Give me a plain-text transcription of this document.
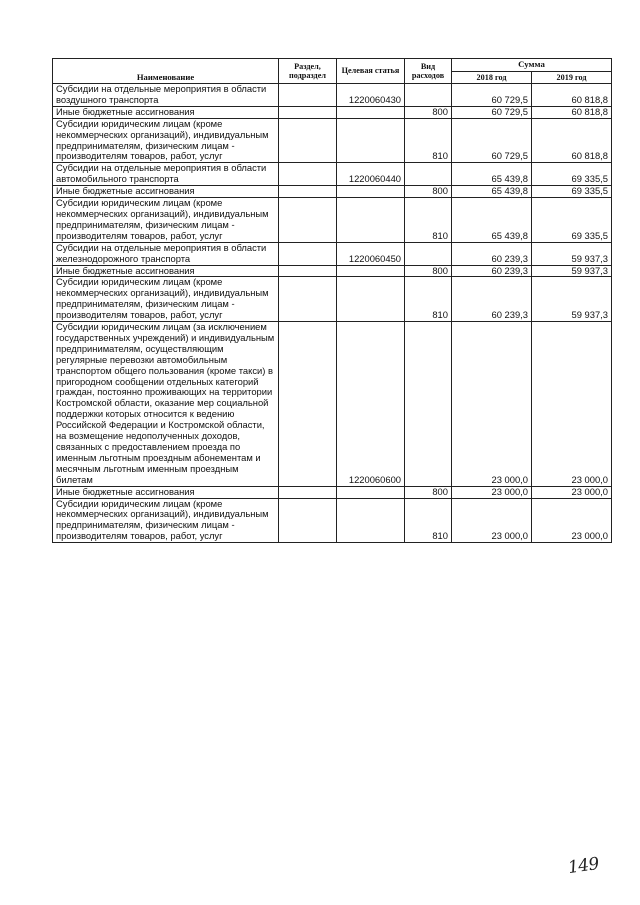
Наименование	Раздел, подраздел	Целевая статья	Вид расходов	Сумма	
				2018 год	2019 год
Субсидии на отдельные мероприятия в области воздушного транспорта		1220060430		60 729,5	60 818,8
Иные бюджетные ассигнования			800	60 729,5	60 818,8
Субсидии юридическим лицам (кроме некоммерческих организаций), индивидуальным предпринимателям, физическим лицам - производителям товаров, работ, услуг			810	60 729,5	60 818,8
Субсидии на отдельные мероприятия в области автомобильного транспорта		1220060440		65 439,8	69 335,5
Иные бюджетные ассигнования			800	65 439,8	69 335,5
Субсидии юридическим лицам (кроме некоммерческих организаций), индивидуальным предпринимателям, физическим лицам - производителям товаров, работ, услуг			810	65 439,8	69 335,5
Субсидии на отдельные мероприятия в области железнодорожного транспорта		1220060450		60 239,3	59 937,3
Иные бюджетные ассигнования			800	60 239,3	59 937,3
Субсидии юридическим лицам (кроме некоммерческих организаций), индивидуальным предпринимателям, физическим лицам - производителям товаров, работ, услуг			810	60 239,3	59 937,3
Субсидии юридическим лицам (за исключением государственных учреждений) и индивидуальным предпринимателям, осуществляющим регулярные перевозки автомобильным транспортом общего пользования (кроме такси) в пригородном сообщении отдельных категорий граждан, постоянно проживающих на территории Костромской области, оказание мер социальной поддержки которых относится к ведению Российской Федерации и Костромской области, на возмещение недополученных доходов, связанных с предоставлением проезда по именным льготным проездным абонементам и месячным льготным именным проездным билетам		1220060600		23 000,0	23 000,0
Иные бюджетные ассигнования			800	23 000,0	23 000,0
Субсидии юридическим лицам (кроме некоммерческих организаций), индивидуальным предпринимателям, физическим лицам - производителям товаров, работ, услуг			810	23 000,0	23 000,0
149
